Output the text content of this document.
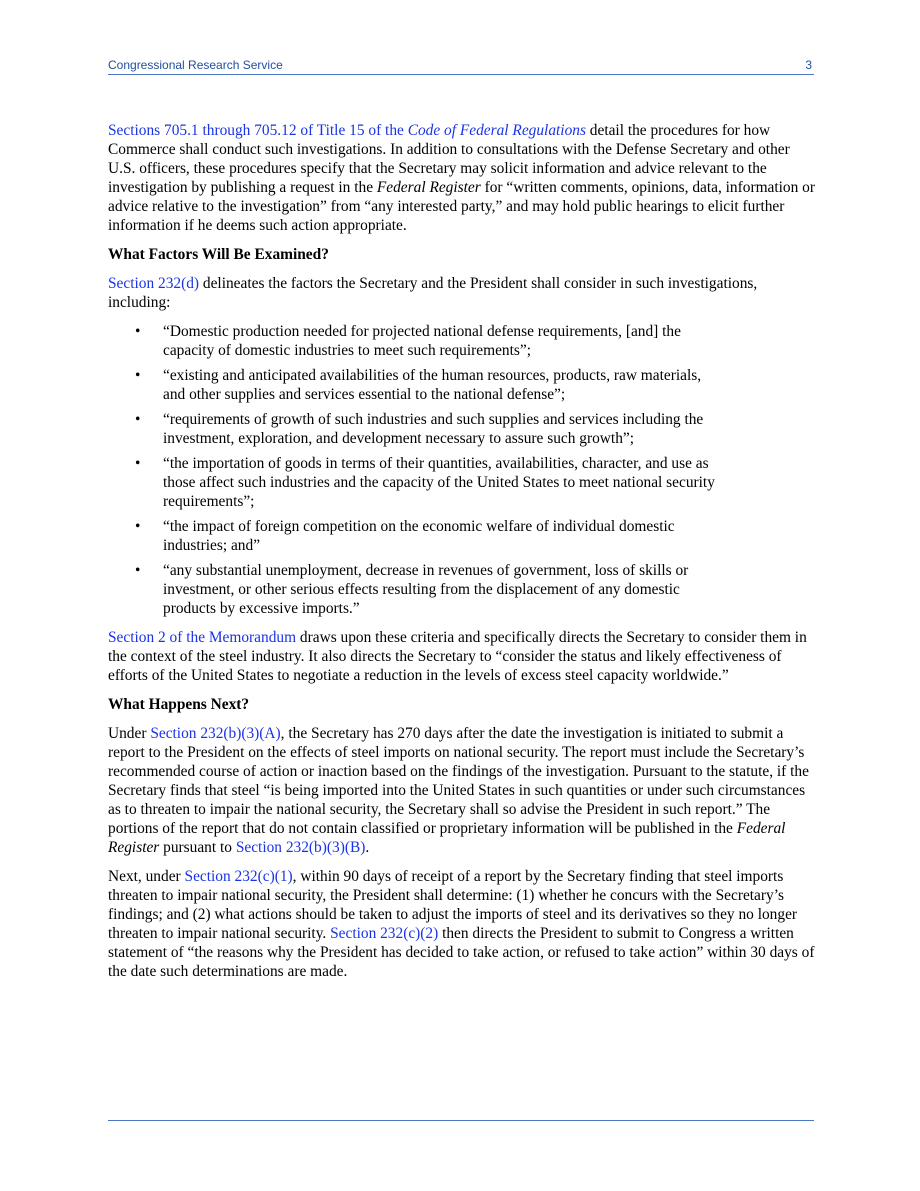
Congressional Research Service	3

Sections 705.1 through 705.12 of Title 15 of the Code of Federal Regulations detail the procedures for how Commerce shall conduct such investigations. In addition to consultations with the Defense Secretary and other U.S. officers, these procedures specify that the Secretary may solicit information and advice relevant to the investigation by publishing a request in the Federal Register for “written comments, opinions, data, information or advice relative to the investigation” from “any interested party,” and may hold public hearings to elicit further information if he deems such action appropriate.

What Factors Will Be Examined?

Section 232(d) delineates the factors the Secretary and the President shall consider in such investigations, including:

• “Domestic production needed for projected national defense requirements, [and] the
capacity of domestic industries to meet such requirements”;
• “existing and anticipated availabilities of the human resources, products, raw materials,
and other supplies and services essential to the national defense”;
• “requirements of growth of such industries and such supplies and services including the
investment, exploration, and development necessary to assure such growth”;
• “the importation of goods in terms of their quantities, availabilities, character, and use as
those affect such industries and the capacity of the United States to meet national security
requirements”;
• “the impact of foreign competition on the economic welfare of individual domestic
industries; and”
• “any substantial unemployment, decrease in revenues of government, loss of skills or
investment, or other serious effects resulting from the displacement of any domestic
products by excessive imports.”

Section 2 of the Memorandum draws upon these criteria and specifically directs the Secretary to consider them in the context of the steel industry. It also directs the Secretary to “consider the status and likely effectiveness of efforts of the United States to negotiate a reduction in the levels of excess steel capacity worldwide.”

What Happens Next?

Under Section 232(b)(3)(A), the Secretary has 270 days after the date the investigation is initiated to submit a report to the President on the effects of steel imports on national security. The report must include the Secretary’s recommended course of action or inaction based on the findings of the investigation. Pursuant to the statute, if the Secretary finds that steel “is being imported into the United States in such quantities or under such circumstances as to threaten to impair the national security, the Secretary shall so advise the President in such report.” The portions of the report that do not contain classified or proprietary information will be published in the Federal Register pursuant to Section 232(b)(3)(B).

Next, under Section 232(c)(1), within 90 days of receipt of a report by the Secretary finding that steel imports threaten to impair national security, the President shall determine: (1) whether he concurs with the Secretary’s findings; and (2) what actions should be taken to adjust the imports of steel and its derivatives so they no longer threaten to impair national security. Section 232(c)(2) then directs the President to submit to Congress a written statement of “the reasons why the President has decided to take action, or refused to take action” within 30 days of the date such determinations are made.
